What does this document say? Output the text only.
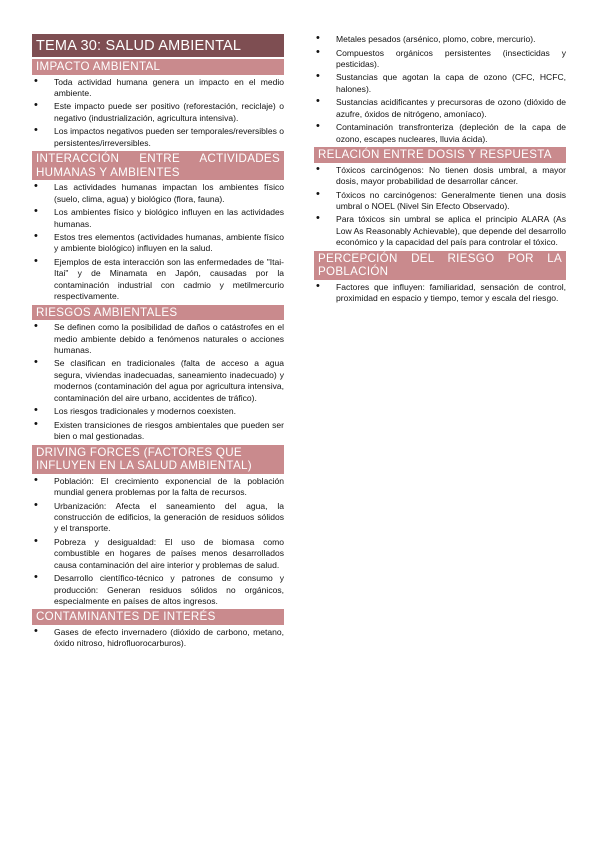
TEMA 30: SALUD AMBIENTAL
IMPACTO AMBIENTAL
• Toda actividad humana genera un impacto en el medio ambiente.
• Este impacto puede ser positivo (reforestación, reciclaje) o negativo (industrialización, agricultura intensiva).
• Los impactos negativos pueden ser temporales/reversibles o persistentes/irreversibles.
INTERACCIÓN ENTRE ACTIVIDADES HUMANAS Y AMBIENTES
• Las actividades humanas impactan los ambientes físico (suelo, clima, agua) y biológico (flora, fauna).
• Los ambientes físico y biológico influyen en las actividades humanas.
• Estos tres elementos (actividades humanas, ambiente físico y ambiente biológico) influyen en la salud.
• Ejemplos de esta interacción son las enfermedades de "Itai-Itai" y de Minamata en Japón, causadas por la contaminación industrial con cadmio y metilmercurio respectivamente.
RIESGOS AMBIENTALES
• Se definen como la posibilidad de daños o catástrofes en el medio ambiente debido a fenómenos naturales o acciones humanas.
• Se clasifican en tradicionales (falta de acceso a agua segura, viviendas inadecuadas, saneamiento inadecuado) y modernos (contaminación del agua por agricultura intensiva, contaminación del aire urbano, accidentes de tráfico).
• Los riesgos tradicionales y modernos coexisten.
• Existen transiciones de riesgos ambientales que pueden ser bien o mal gestionadas.
DRIVING FORCES (FACTORES QUE INFLUYEN EN LA SALUD AMBIENTAL)
• Población: El crecimiento exponencial de la población mundial genera problemas por la falta de recursos.
• Urbanización: Afecta el saneamiento del agua, la construcción de edificios, la generación de residuos sólidos y el transporte.
• Pobreza y desigualdad: El uso de biomasa como combustible en hogares de países menos desarrollados causa contaminación del aire interior y problemas de salud.
• Desarrollo científico-técnico y patrones de consumo y producción: Generan residuos sólidos no orgánicos, especialmente en países de altos ingresos.
CONTAMINANTES DE INTERÉS
• Gases de efecto invernadero (dióxido de carbono, metano, óxido nitroso, hidrofluorocarburos).
• Metales pesados (arsénico, plomo, cobre, mercurio).
• Compuestos orgánicos persistentes (insecticidas y pesticidas).
• Sustancias que agotan la capa de ozono (CFC, HCFC, halones).
• Sustancias acidificantes y precursoras de ozono (dióxido de azufre, óxidos de nitrógeno, amoníaco).
• Contaminación transfronteriza (depleción de la capa de ozono, escapes nucleares, lluvia ácida).
RELACIÓN ENTRE DOSIS Y RESPUESTA
• Tóxicos carcinógenos: No tienen dosis umbral, a mayor dosis, mayor probabilidad de desarrollar cáncer.
• Tóxicos no carcinógenos: Generalmente tienen una dosis umbral o NOEL (Nivel Sin Efecto Observado).
• Para tóxicos sin umbral se aplica el principio ALARA (As Low As Reasonably Achievable), que depende del desarrollo económico y la capacidad del país para controlar el tóxico.
PERCEPCIÓN DEL RIESGO POR LA POBLACIÓN
• Factores que influyen: familiaridad, sensación de control, proximidad en espacio y tiempo, temor y escala del riesgo.
